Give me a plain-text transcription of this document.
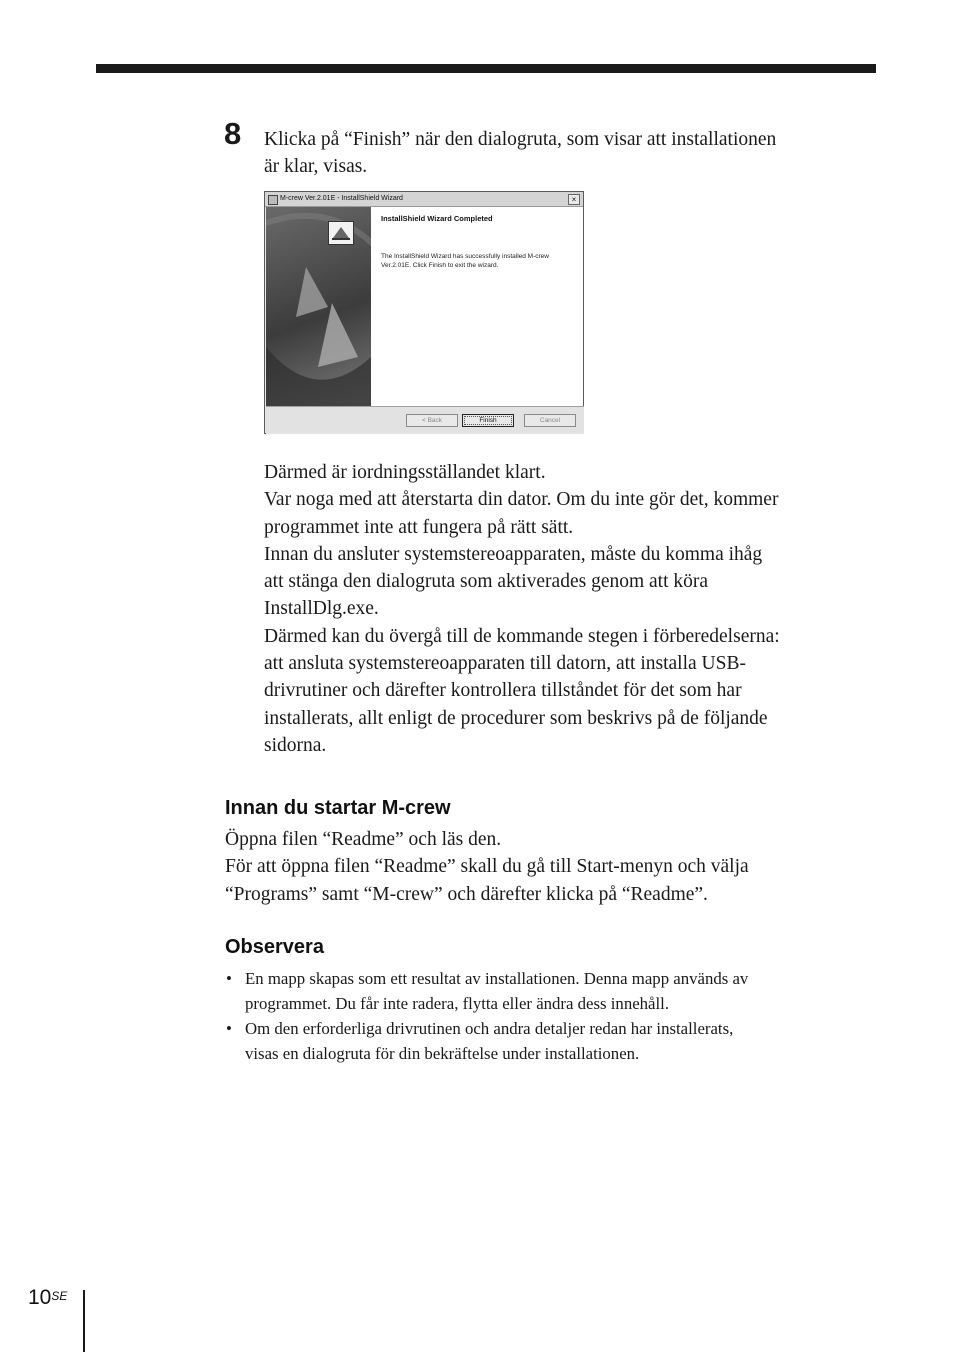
8 Klicka på “Finish” när den dialogruta, som visar att installationen
är klar, visas.
M-crew Ver.2.01E - InstallShield Wizard	×
InstallShield Wizard Completed
The InstallShield Wizard has successfully installed M-crew
Ver.2.01E. Click Finish to exit the wizard.
< Back	Finish	Cancel
Därmed är iordningsställandet klart.
Var noga med att återstarta din dator. Om du inte gör det, kommer
programmet inte att fungera på rätt sätt.
Innan du ansluter systemstereoapparaten, måste du komma ihåg
att stänga den dialogruta som aktiverades genom att köra
InstallDlg.exe.
Därmed kan du övergå till de kommande stegen i förberedelserna:
att ansluta systemstereoapparaten till datorn, att installa USB-
drivrutiner och därefter kontrollera tillståndet för det som har
installerats, allt enligt de procedurer som beskrivs på de följande
sidorna.
Innan du startar M-crew
Öppna filen “Readme” och läs den.
För att öppna filen “Readme” skall du gå till Start-menyn och välja
“Programs” samt “M-crew” och därefter klicka på “Readme”.
Observera
• En mapp skapas som ett resultat av installationen. Denna mapp används av
programmet. Du får inte radera, flytta eller ändra dess innehåll.
• Om den erforderliga drivrutinen och andra detaljer redan har installerats,
visas en dialogruta för din bekräftelse under installationen.
$10^{SE}$
